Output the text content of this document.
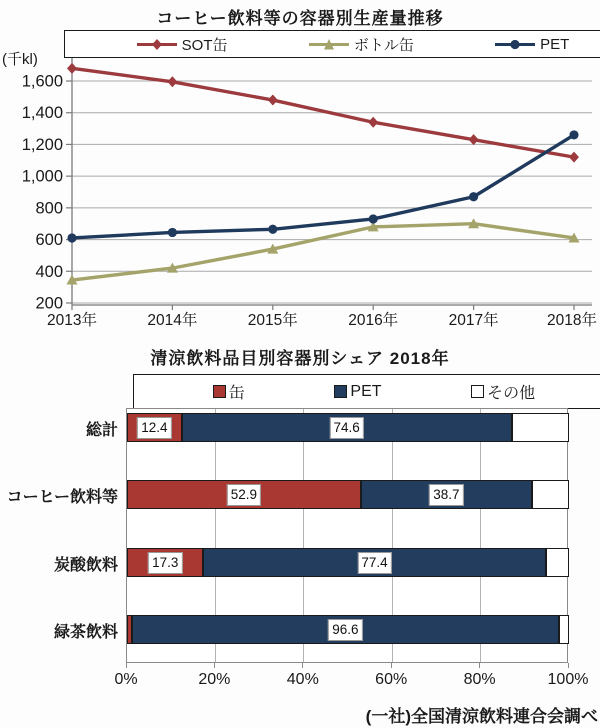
コーヒー飲料等の容器別生産量推移
SOT缶	ボトル缶	PET
(千kl)
200
400
600
800
1,000
1,200
1,400
1,600
2013年	2014年	2015年	2016年	2017年	2018年
清涼飲料品目別容器別シェア 2018年
缶	PET	その他
12.4	74.6
52.9	38.7
17.3	77.4
96.6
(一社)全国清涼飲料連合会調べ
総計
コーヒー飲料等
炭酸飲料
緑茶飲料
0%	20%	40%	60%	80%	100%
